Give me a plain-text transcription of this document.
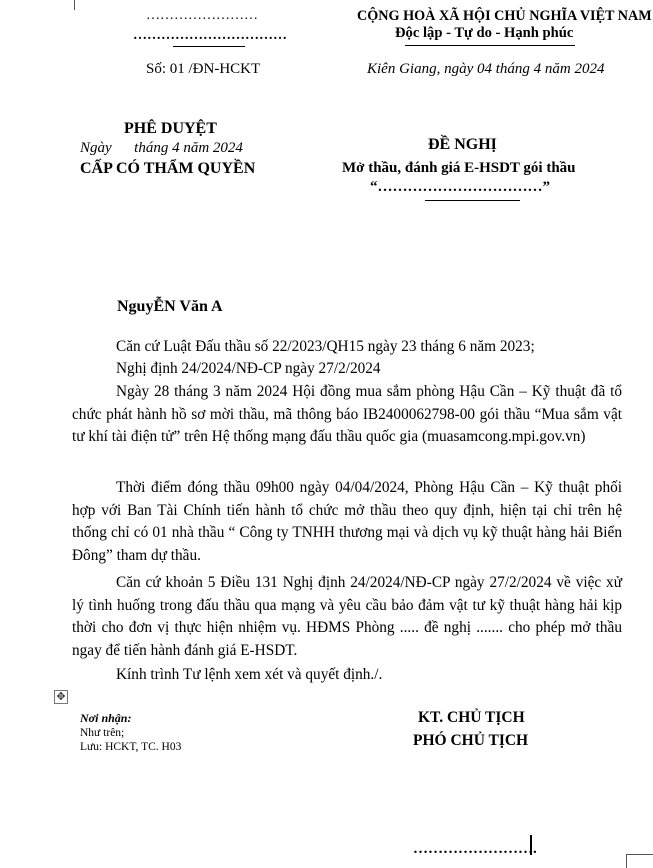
……………………
……………………………
Số: 01 /ĐN-HCKT
CỘNG HOÀ XÃ HỘI CHỦ NGHĨA VIỆT NAM
Độc lập - Tự do - Hạnh phúc
Kiên Giang, ngày 04 tháng 4 năm 2024
PHÊ DUYỆT
Ngày      tháng 4 năm 2024
CẤP CÓ THẨM QUYỀN
ĐỀ NGHỊ
Mở thầu, đánh giá E-HSDT gói thầu
“……………………………”
NguyỄN Văn A
Căn cứ Luật Đấu thầu số 22/2023/QH15 ngày 23 tháng 6 năm 2023;
Nghị định 24/2024/NĐ-CP ngày 27/2/2024
Ngày 28 tháng 3 năm 2024 Hội đồng mua sắm phòng Hậu Cần – Kỹ thuật đã tổ chức phát hành hồ sơ mời thầu, mã thông báo IB2400062798-00 gói thầu “Mua sắm vật tư khí tài điện tử” trên Hệ thống mạng đấu thầu quốc gia (muasamcong.mpi.gov.vn)
Thời điểm đóng thầu 09h00 ngày 04/04/2024, Phòng Hậu Cần – Kỹ thuật phối hợp với Ban Tài Chính tiến hành tổ chức mở thầu theo quy định, hiện tại chỉ trên hệ thống chỉ có 01 nhà thầu “ Công ty TNHH thương mại và dịch vụ kỹ thuật hàng hải Biển Đông” tham dự thầu.
Căn cứ khoản 5 Điều 131 Nghị định 24/2024/NĐ-CP ngày 27/2/2024 về việc xử lý tình huống trong đấu thầu qua mạng và yêu cầu bảo đảm vật tư kỹ thuật hàng hải kịp thời cho đơn vị thực hiện nhiệm vụ. HĐMS Phòng ..... đề nghị ....... cho phép mở thầu ngay để tiến hành đánh giá E-HSDT.
Kính trình Tư lệnh xem xét và quyết định./.
✥
Nơi nhận:
Như trên;
Lưu: HCKT, TC. H03
KT. CHỦ TỊCH
PHÓ CHỦ TỊCH
…………………….
